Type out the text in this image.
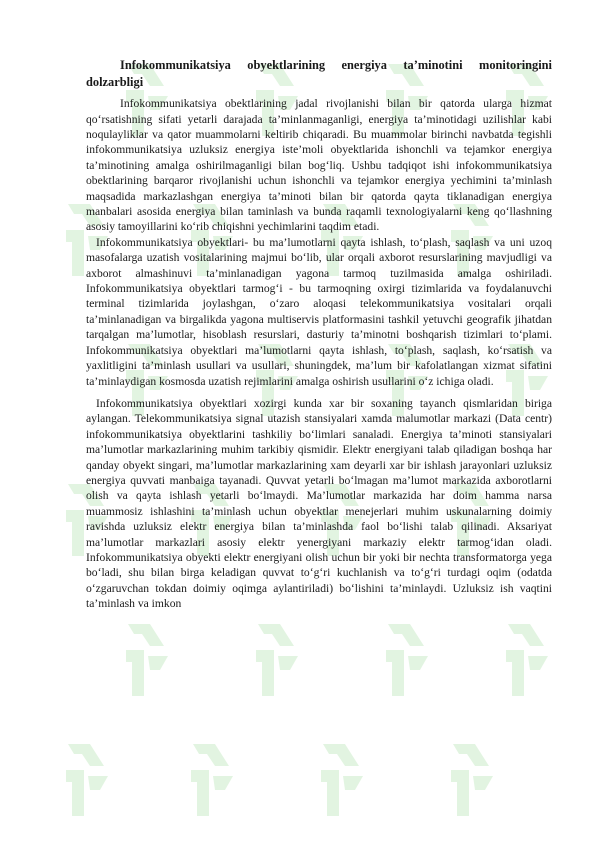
Infokommunikatsiya obyektlarining energiya ta’minotini monitoringini dolzarbligi

Infokommunikatsiya obektlarining jadal rivojlanishi bilan bir qatorda ularga hizmat qo‘rsatishning sifati yetarli darajada ta’minlanmaganligi, energiya ta’minotidagi uzilishlar kabi noqulayliklar va qator muammolarni keltirib chiqaradi. Bu muammolar birinchi navbatda tegishli infokommunikatsiya uzluksiz energiya iste’moli obyektlarida ishonchli va tejamkor energiya ta’minotining amalga oshirilmaganligi bilan bog‘liq. Ushbu tadqiqot ishi infokommunikatsiya obektlarining barqaror rivojlanishi uchun ishonchli va tejamkor energiya yechimini ta’minlash maqsadida markazlashgan energiya ta’minoti bilan bir qatorda qayta tiklanadigan energiya manbalari asosida energiya bilan taminlash va bunda raqamli texnologiyalarni keng qo‘llashning asosiy tamoyillarini ko‘rib chiqishni yechimlarini taqdim etadi.

Infokommunikatsiya obyektlari- bu ma’lumotlarni qayta ishlash, to‘plash, saqlash va uni uzoq masofalarga uzatish vositalarining majmui bo‘lib, ular orqali axborot resurslarining mavjudligi va axborot almashinuvi ta’minlanadigan yagona tarmoq tuzilmasida amalga oshiriladi. Infokommunikatsiya obyektlari tarmog‘i - bu tarmoqning oxirgi tizimlarida va foydalanuvchi terminal tizimlarida joylashgan, o‘zaro aloqasi telekommunikatsiya vositalari orqali ta’minlanadigan va birgalikda yagona multiservis platformasini tashkil yetuvchi geografik jihatdan tarqalgan ma’lumotlar, hisoblash resurslari, dasturiy ta’minotni boshqarish tizimlari to‘plami. Infokommunikatsiya obyektlari ma’lumotlarni qayta ishlash, to‘plash, saqlash, ko‘rsatish va yaxlitligini ta’minlash usullari va usullari, shuningdek, ma’lum bir kafolatlangan xizmat sifatini ta’minlaydigan kosmosda uzatish rejimlarini amalga oshirish usullarini o‘z ichiga oladi.

Infokommunikatsiya obyektlari xozirgi kunda xar bir soxaning tayanch qismlaridan biriga aylangan. Telekommunikatsiya signal utazish stansiyalari xamda malumotlar markazi (Data centr) infokommunikatsiya obyektlarini tashkiliy bo‘limlari sanaladi. Energiya ta’minoti stansiyalari ma’lumotlar markazlarining muhim tarkibiy qismidir. Elektr energiyani talab qiladigan boshqa har qanday obyekt singari, ma’lumotlar markazlarining xam deyarli xar bir ishlash jarayonlari uzluksiz energiya quvvati manbaiga tayanadi. Quvvat yetarli bo‘lmagan ma’lumot markazida axborotlarni olish va qayta ishlash yetarli bo‘lmaydi. Ma’lumotlar markazida har doim hamma narsa muammosiz ishlashini ta’minlash uchun obyektlar menejerlari muhim uskunalarning doimiy ravishda uzluksiz elektr energiya bilan ta’minlashda faol bo‘lishi talab qilinadi. Aksariyat ma’lumotlar markazlari asosiy elektr yenergiyani markaziy elektr tarmog‘idan oladi. Infokommunikatsiya obyekti elektr energiyani olish uchun bir yoki bir nechta transformatorga yega bo‘ladi, shu bilan birga keladigan quvvat to‘g‘ri kuchlanish va to‘g‘ri turdagi oqim (odatda o‘zgaruvchan tokdan doimiy oqimga aylantiriladi) bo‘lishini ta’minlaydi. Uzluksiz ish vaqtini ta’minlash va imkon
